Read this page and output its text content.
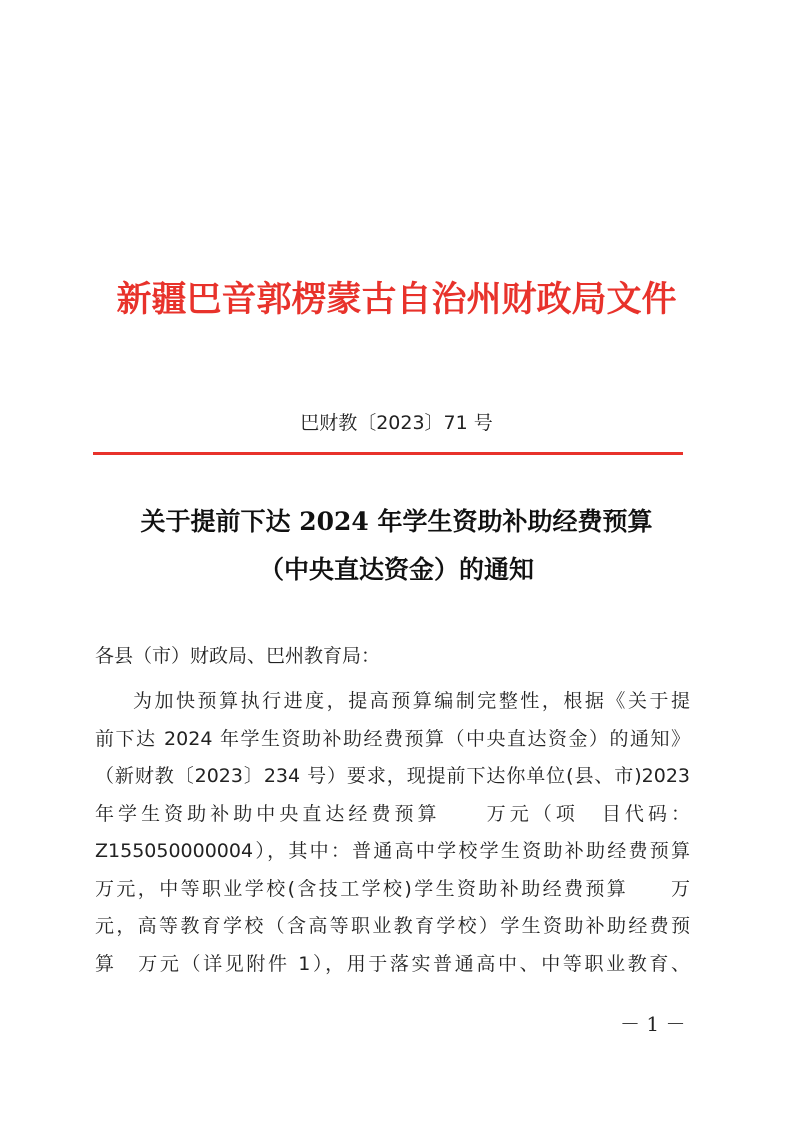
新疆巴音郭楞蒙古自治州财政局文件
巴财教〔2023〕71 号
关于提前下达 2024 年学生资助补助经费预算
（中央直达资金）的通知
各县（市）财政局、巴州教育局：
为加快预算执行进度，提高预算编制完整性，根据《关于提
前下达 2024 年学生资助补助经费预算（中央直达资金）的通知》
（新财教〔2023〕234 号）要求，现提前下达你单位(县、市)2023
年学生资助补助中央直达经费预算　　万元（项　目代码：
Z155050000004），其中：普通高中学校学生资助补助经费预算
万元，中等职业学校(含技工学校)学生资助补助经费预算　　万
元，高等教育学校（含高等职业教育学校）学生资助补助经费预
算　万元（详见附件 1），用于落实普通高中、中等职业教育、
－ 1 －
